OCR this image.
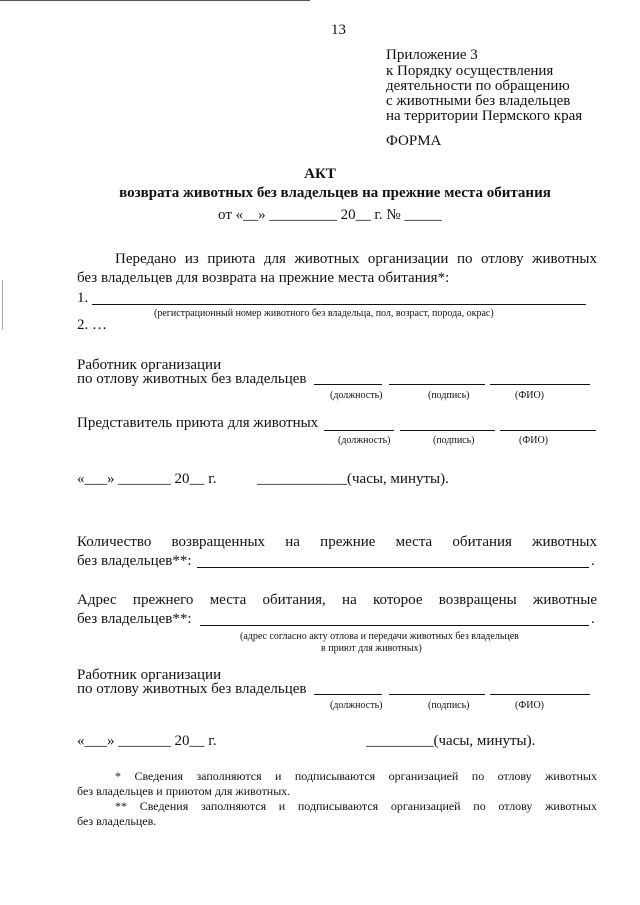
13
Приложение 3
к Порядку осуществления
деятельности по обращению
с животными без владельцев
на территории Пермского края
ФОРМА
АКТ
возврата животных без владельцев на прежние места обитания
от «__» _________ 20__ г. № _____
Передано из приюта для животных организации по отлову животных
без владельцев для возврата на прежние места обитания*:
1.
(регистрационный номер животного без владельца, пол, возраст, порода, окрас)
2. …
Работник организации
по отлову животных без владельцев
(должность)	(подпись)	(ФИО)
Представитель приюта для животных
(должность)	(подпись)	(ФИО)
«___» _______ 20__ г.	____________(часы, минуты).
Количество возвращенных на прежние места обитания животных
без владельцев**:	.
Адрес прежнего места обитания, на которое возвращены животные
без владельцев**:	.
(адрес согласно акту отлова и передачи животных без владельцев
в приют для животных)
Работник организации
по отлову животных без владельцев
(должность)	(подпись)	(ФИО)
«___» _______ 20__ г.	_________(часы, минуты).
* Сведения заполняются и подписываются организацией по отлову животных
без владельцев и приютом для животных.
** Сведения заполняются и подписываются организацией по отлову животных
без владельцев.
